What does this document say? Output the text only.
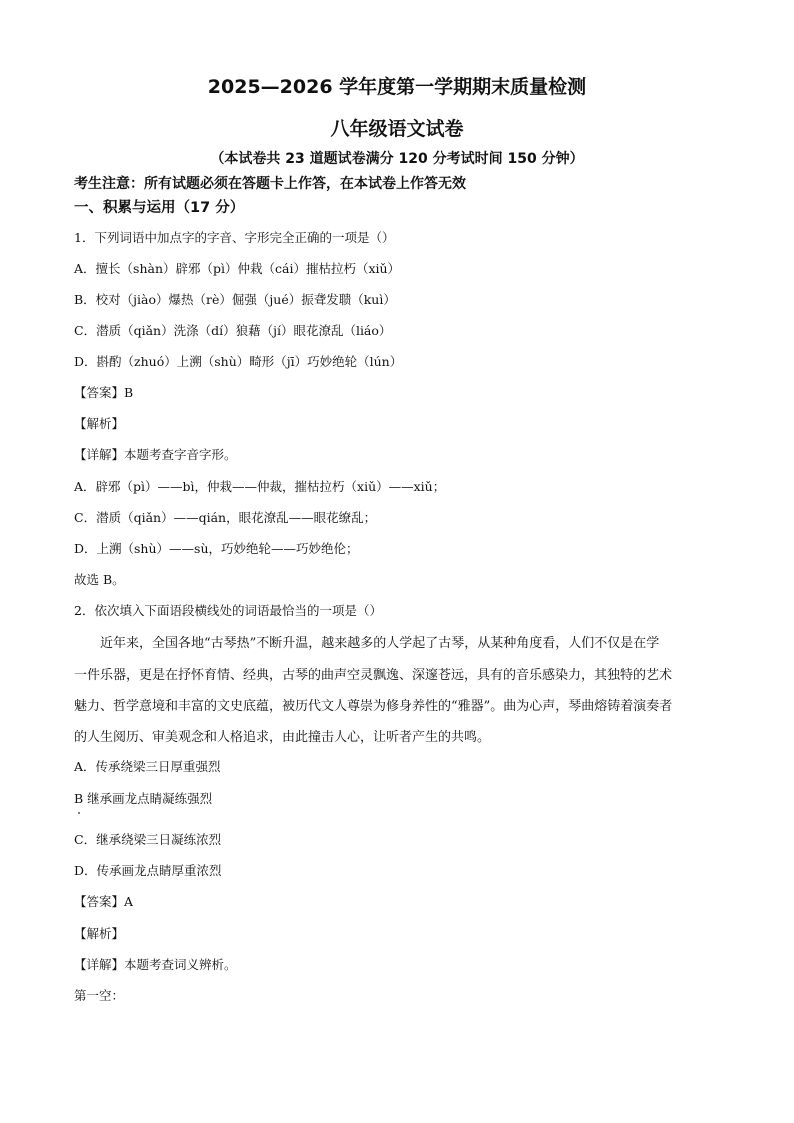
2025—2026 学年度第一学期期末质量检测
八年级语文试卷
（本试卷共 23 道题试卷满分 120 分考试时间 150 分钟）
考生注意：所有试题必须在答题卡上作答，在本试卷上作答无效
一、积累与运用（17 分）
1．下列词语中加点字的字音、字形完全正确的一项是（）
A．擅长（shàn）辟邪（pì）仲栽（cái）摧枯拉朽（xiǔ）
B．校对（jiào）爆热（rè）倔强（jué）振聋发聩（kuì）
C．潜质（qiǎn）洗涤（dí）狼藉（jí）眼花潦乱（liáo）
D．斟酌（zhuó）上溯（shù）畸形（jī）巧妙绝轮（lún）
【答案】B
【解析】
【详解】本题考查字音字形。
A．辟邪（pì）——bì，仲栽——仲裁，摧枯拉朽（xiǔ）——xiǔ；
C．潜质（qiǎn）——qián，眼花潦乱——眼花缭乱；
D．上溯（shù）——sù，巧妙绝轮——巧妙绝伦；
故选 B。
2．依次填入下面语段横线处的词语最恰当的一项是（）
近年来，全国各地“古琴热”不断升温，越来越多的人学起了古琴，从某种角度看，人们不仅是在学
一件乐器，更是在抒怀育情、经典，古琴的曲声空灵飘逸、深邃苍远，具有的音乐感染力，其独特的艺术
魅力、哲学意境和丰富的文史底蕴，被历代文人尊崇为修身养性的“雅器”。曲为心声，琴曲熔铸着演奏者
的人生阅历、审美观念和人格追求，由此撞击人心，让听者产生的共鸣。
A．传承绕梁三日厚重强烈
B 继承画龙点睛凝练强烈
C．继承绕梁三日凝练浓烈
D．传承画龙点睛厚重浓烈
【答案】A
【解析】
【详解】本题考查词义辨析。
第一空：
